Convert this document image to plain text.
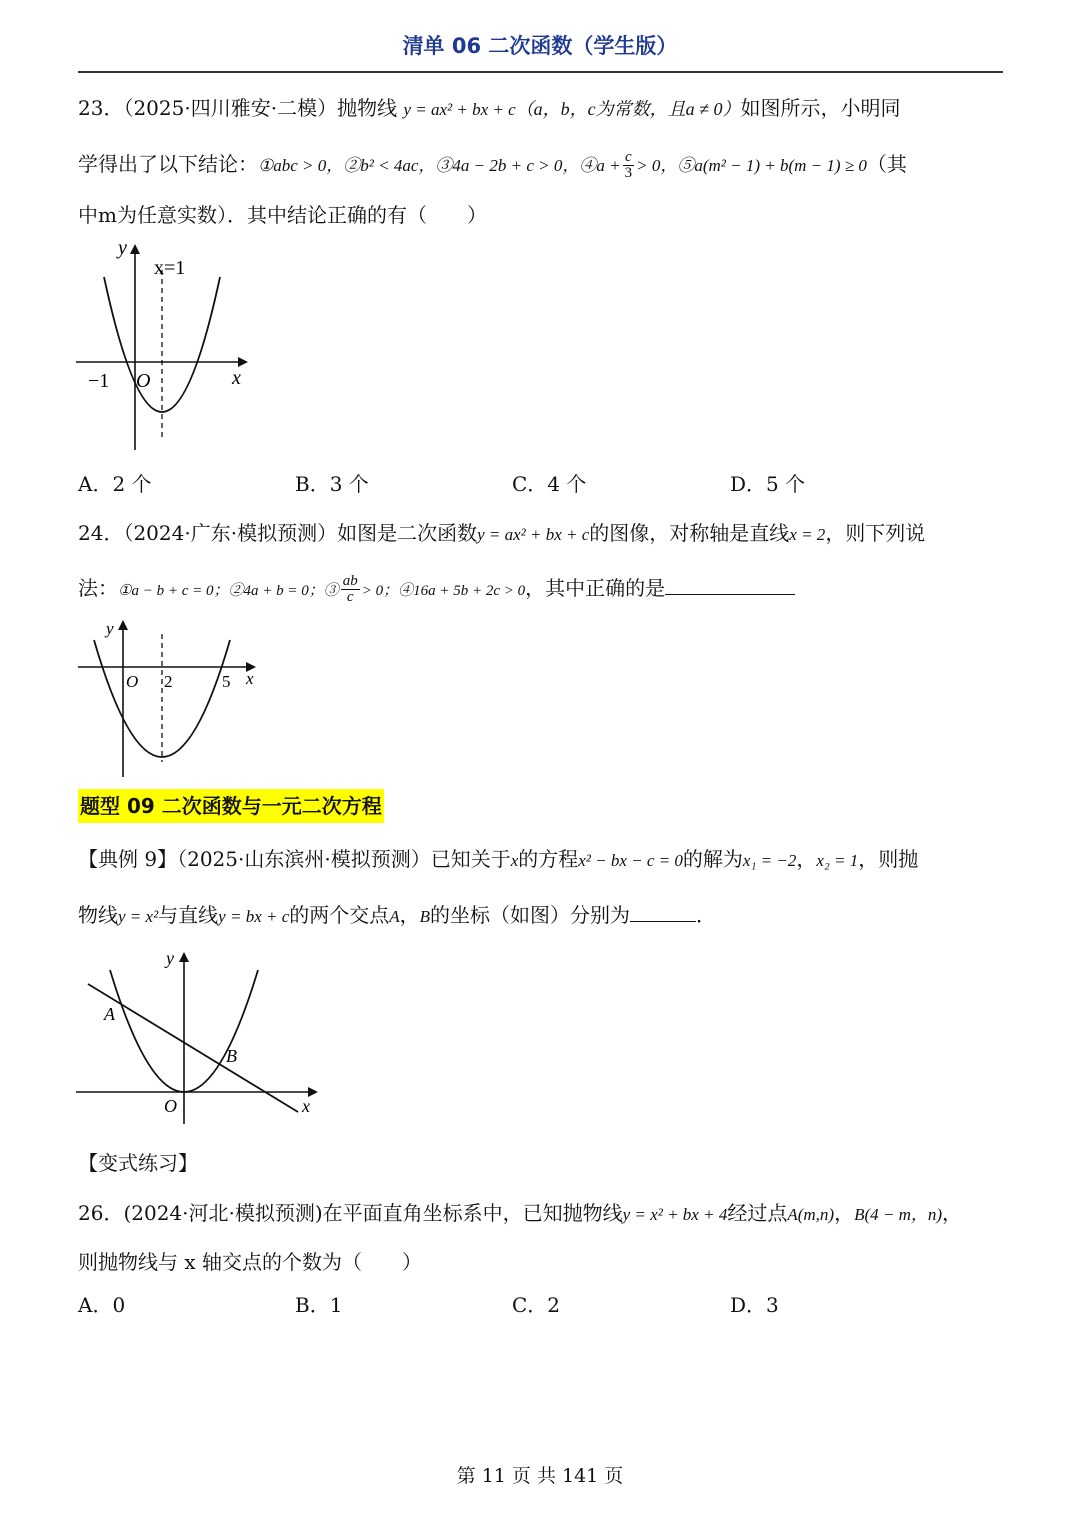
清单 06 二次函数（学生版）
23．（2025·四川雅安·二模）抛物线 y = ax² + bx + c（a，b，c为常数，且a ≠ 0）如图所示，小明同
学得出了以下结论：①abc > 0，②b² < 4ac，③4a − 2b + c > 0，④a + $\frac{c}{3} > 0$，⑤a(m² − 1) + b(m − 1) ≥ 0（其
中m为任意实数）．其中结论正确的有（　　）
y
x
x=1
−1 O
A．2 个	B．3 个	C．4 个	D．5 个
24．（2024·广东·模拟预测）如图是二次函数y = ax² + bx + c的图像，对称轴是直线x = 2，则下列说
法：①a − b + c = 0；②4a + b = 0；③ $\frac{ab}{c} > 0$；④16a + 5b + 2c > 0，其中正确的是
y
x
O 2	5
题型 09 二次函数与一元二次方程
【典例 9】（2025·山东滨州·模拟预测）已知关于x的方程x² − bx − c = 0的解为x₁ = −2，x₂ = 1，则抛
物线y = x²与直线y = bx + c的两个交点A，B的坐标（如图）分别为	．
y
x
O
A
B
【变式练习】
26．(2024·河北·模拟预测)在平面直角坐标系中，已知抛物线y = x² + bx + 4经过点A(m,n)，B(4 − m，n)，
则抛物线与 x 轴交点的个数为（　　）
A．0	B．1	C．2	D．3
第 11 页 共 141 页
